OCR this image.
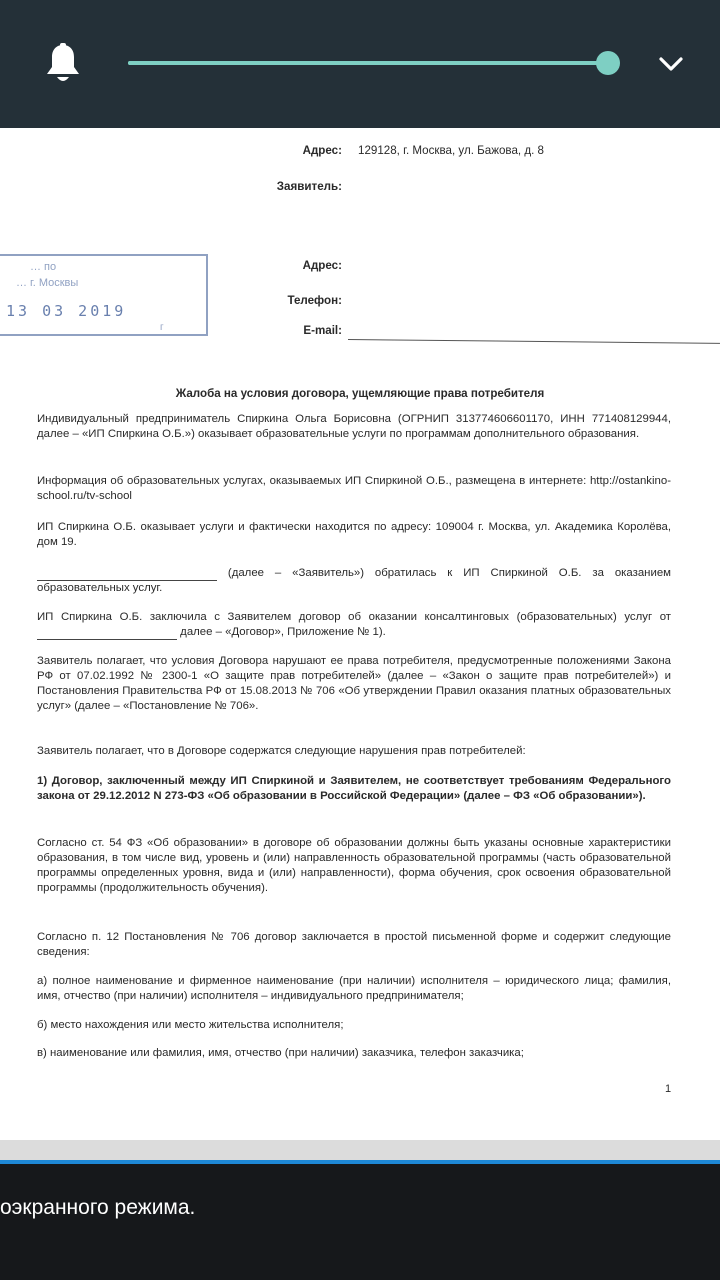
Адрес: 129128, г. Москва, ул. Бажова, д. 8
Заявитель:
… по
… г. Москвы
13 03 2019
г
Адрес:
Телефон:
E-mail:
Жалоба на условия договора, ущемляющие права потребителя

Индивидуальный предприниматель Спиркина Ольга Борисовна (ОГРНИП 313774606601170, ИНН 771408129944, далее – «ИП Спиркина О.Б.») оказывает образовательные услуги по программам дополнительного образования.

Информация об образовательных услугах, оказываемых ИП Спиркиной О.Б., размещена в интернете: http://ostankino-school.ru/tv-school

ИП Спиркина О.Б. оказывает услуги и фактически находится по адресу: 109004 г. Москва, ул. Академика Королёва, дом 19.

(далее – «Заявитель») обратилась к ИП Спиркиной О.Б. за оказанием образовательных услуг.

ИП Спиркина О.Б. заключила с Заявителем договор об оказании консалтинговых (образовательных) услуг от  далее – «Договор», Приложение № 1).

Заявитель полагает, что условия Договора нарушают ее права потребителя, предусмотренные положениями Закона РФ от 07.02.1992 № 2300-1 «О защите прав потребителей» (далее – «Закон о защите прав потребителей») и Постановления Правительства РФ от 15.08.2013 № 706 «Об утверждении Правил оказания платных образовательных услуг» (далее – «Постановление № 706».

Заявитель полагает, что в Договоре содержатся следующие нарушения прав потребителей:

1) Договор, заключенный между ИП Спиркиной и Заявителем, не соответствует требованиям Федерального закона от 29.12.2012 N 273-ФЗ «Об образовании в Российской Федерации» (далее – ФЗ «Об образовании»).

Согласно ст. 54 ФЗ «Об образовании» в договоре об образовании должны быть указаны основные характеристики образования, в том числе вид, уровень и (или) направленность образовательной программы (часть образовательной программы определенных уровня, вида и (или) направленности), форма обучения, срок освоения образовательной программы (продолжительность обучения).

Согласно п. 12 Постановления № 706 договор заключается в простой письменной форме и содержит следующие сведения:

а) полное наименование и фирменное наименование (при наличии) исполнителя – юридического лица; фамилия, имя, отчество (при наличии) исполнителя – индивидуального предпринимателя;

б) место нахождения или место жительства исполнителя;

в) наименование или фамилия, имя, отчество (при наличии) заказчика, телефон заказчика;

1
оэкранного режима.
